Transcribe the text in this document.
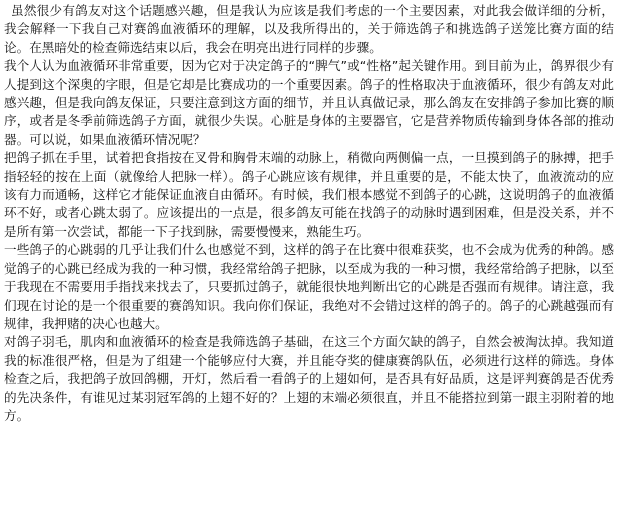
虽然很少有鸽友对这个话题感兴趣，但是我认为应该是我们考虑的一个主要因素，对此我会做详细的分析，我会解释一下我自己对赛鸽血液循环的理解，以及我所得出的，关于筛选鸽子和挑选鸽子送笼比赛方面的结论。在黑暗处的检查筛选结束以后，我会在明亮出进行同样的步骤。

我个人认为血液循环非常重要，因为它对于决定鸽子的“脾气”或“性格”起关键作用。到目前为止，鸽界很少有人提到这个深奥的字眼，但是它却是比赛成功的一个重要因素。鸽子的性格取决于血液循环，很少有鸽友对此感兴趣，但是我向鸽友保证，只要注意到这方面的细节，并且认真做记录，那么鸽友在安排鸽子参加比赛的顺序，或者是冬季前筛选鸽子方面，就很少失误。心脏是身体的主要器官，它是营养物质传输到身体各部的推动器。可以说，如果血液循环情况呢？

把鸽子抓在手里，试着把食指按在叉骨和胸骨末端的动脉上，稍微向两侧偏一点，一旦摸到鸽子的脉搏，把手指轻轻的按在上面（就像给人把脉一样）。鸽子心跳应该有规律，并且重要的是，不能太快了，血液流动的应该有力而通畅，这样它才能保证血液自由循环。有时候，我们根本感觉不到鸽子的心跳，这说明鸽子的血液循环不好，或者心跳太弱了。应该提出的一点是，很多鸽友可能在找鸽子的动脉时遇到困难，但是没关系，并不是所有第一次尝试，都能一下子找到脉，需要慢慢来，熟能生巧。

一些鸽子的心跳弱的几乎让我们什么也感觉不到，这样的鸽子在比赛中很难获奖，也不会成为优秀的种鸽。感觉鸽子的心跳已经成为我的一种习惯，我经常给鸽子把脉，以至成为我的一种习惯，我经常给鸽子把脉，以至于我现在不需要用手指找来找去了，只要抓过鸽子，就能很快地判断出它的心跳是否强而有规律。请注意，我们现在讨论的是一个很重要的赛鸽知识。我向你们保证，我绝对不会错过这样的鸽子的。鸽子的心跳越强而有规律，我押赌的决心也越大。

对鸽子羽毛，肌肉和血液循环的检查是我筛选鸽子基础，在这三个方面欠缺的鸽子，自然会被淘汰掉。我知道我的标准很严格，但是为了组建一个能够应付大赛，并且能夺奖的健康赛鸽队伍，必须进行这样的筛选。身体检查之后，我把鸽子放回鸽棚，开灯，然后看一看鸽子的上翅如何，是否具有好品质，这是评判赛鸽是否优秀的先决条件，有谁见过某羽冠军鸽的上翅不好的？上翅的末端必须很直，并且不能搭拉到第一跟主羽附着的地方。
